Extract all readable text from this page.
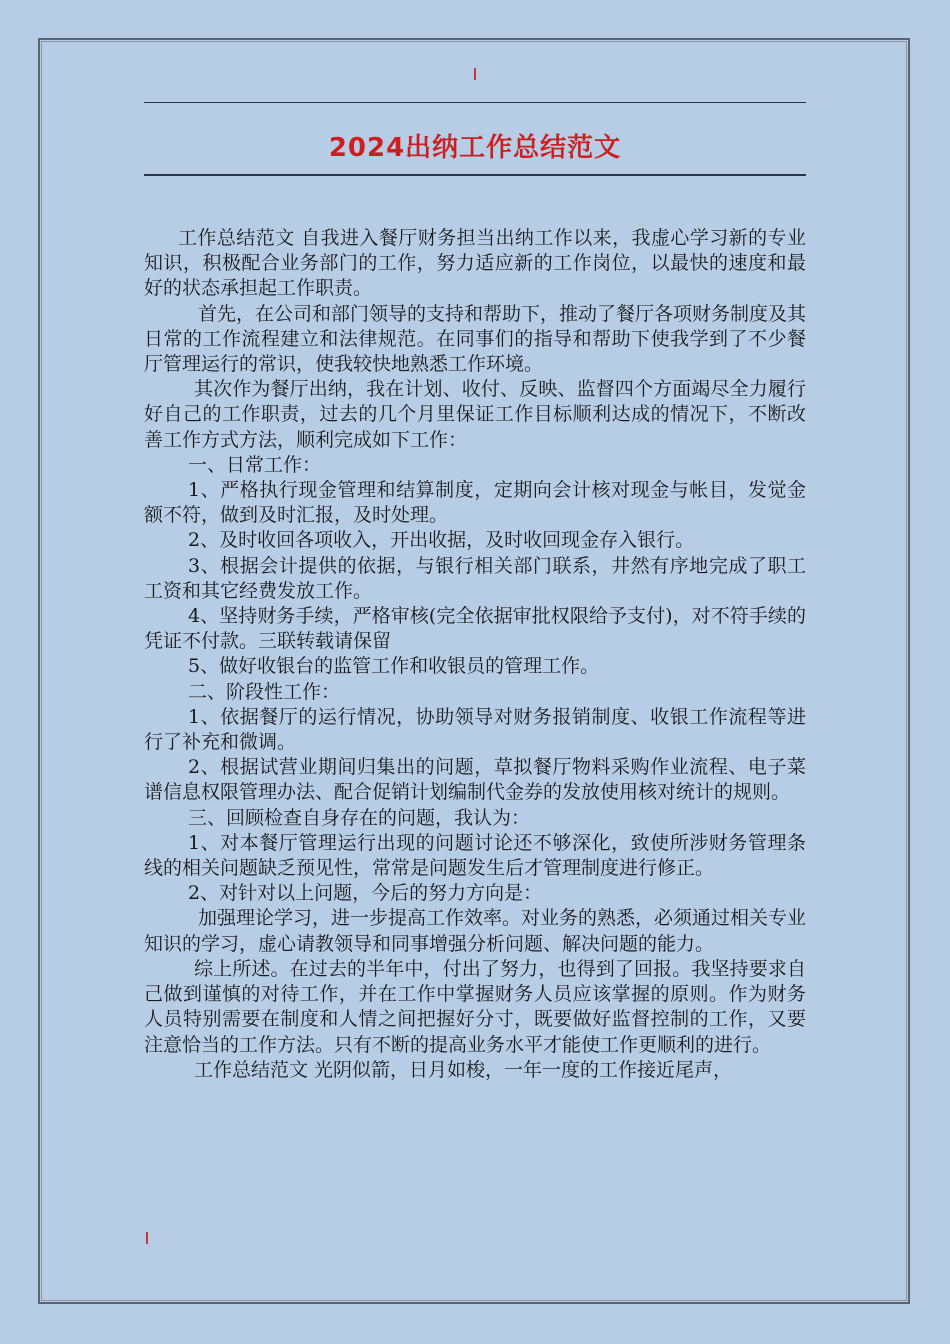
2024出纳工作总结范文

工作总结范文 自我进入餐厅财务担当出纳工作以来，我虚心学习新的专业知识，积极配合业务部门的工作，努力适应新的工作岗位，以最快的速度和最好的状态承担起工作职责。

首先，在公司和部门领导的支持和帮助下，推动了餐厅各项财务制度及其日常的工作流程建立和法律规范。在同事们的指导和帮助下使我学到了不少餐厅管理运行的常识，使我较快地熟悉工作环境。

其次作为餐厅出纳，我在计划、收付、反映、监督四个方面竭尽全力履行好自己的工作职责，过去的几个月里保证工作目标顺利达成的情况下，不断改善工作方式方法，顺利完成如下工作：

一、日常工作：

1、严格执行现金管理和结算制度，定期向会计核对现金与帐目，发觉金额不符，做到及时汇报，及时处理。

2、及时收回各项收入，开出收据，及时收回现金存入银行。

3、根据会计提供的依据，与银行相关部门联系，井然有序地完成了职工工资和其它经费发放工作。

4、坚持财务手续，严格审核(完全依据审批权限给予支付)，对不符手续的凭证不付款。三联转载请保留

5、做好收银台的监管工作和收银员的管理工作。

二、阶段性工作：

1、依据餐厅的运行情况，协助领导对财务报销制度、收银工作流程等进行了补充和微调。

2、根据试营业期间归集出的问题，草拟餐厅物料采购作业流程、电子菜谱信息权限管理办法、配合促销计划编制代金券的发放使用核对统计的规则。

三、回顾检查自身存在的问题，我认为：

1、对本餐厅管理运行出现的问题讨论还不够深化，致使所涉财务管理条线的相关问题缺乏预见性，常常是问题发生后才管理制度进行修正。

2、对针对以上问题，今后的努力方向是：

加强理论学习，进一步提高工作效率。对业务的熟悉，必须通过相关专业知识的学习，虚心请教领导和同事增强分析问题、解决问题的能力。

综上所述。在过去的半年中，付出了努力，也得到了回报。我坚持要求自己做到谨慎的对待工作，并在工作中掌握财务人员应该掌握的原则。作为财务人员特别需要在制度和人情之间把握好分寸，既要做好监督控制的工作，又要注意恰当的工作方法。只有不断的提高业务水平才能使工作更顺利的进行。

工作总结范文 光阴似箭，日月如梭，一年一度的工作接近尾声，
